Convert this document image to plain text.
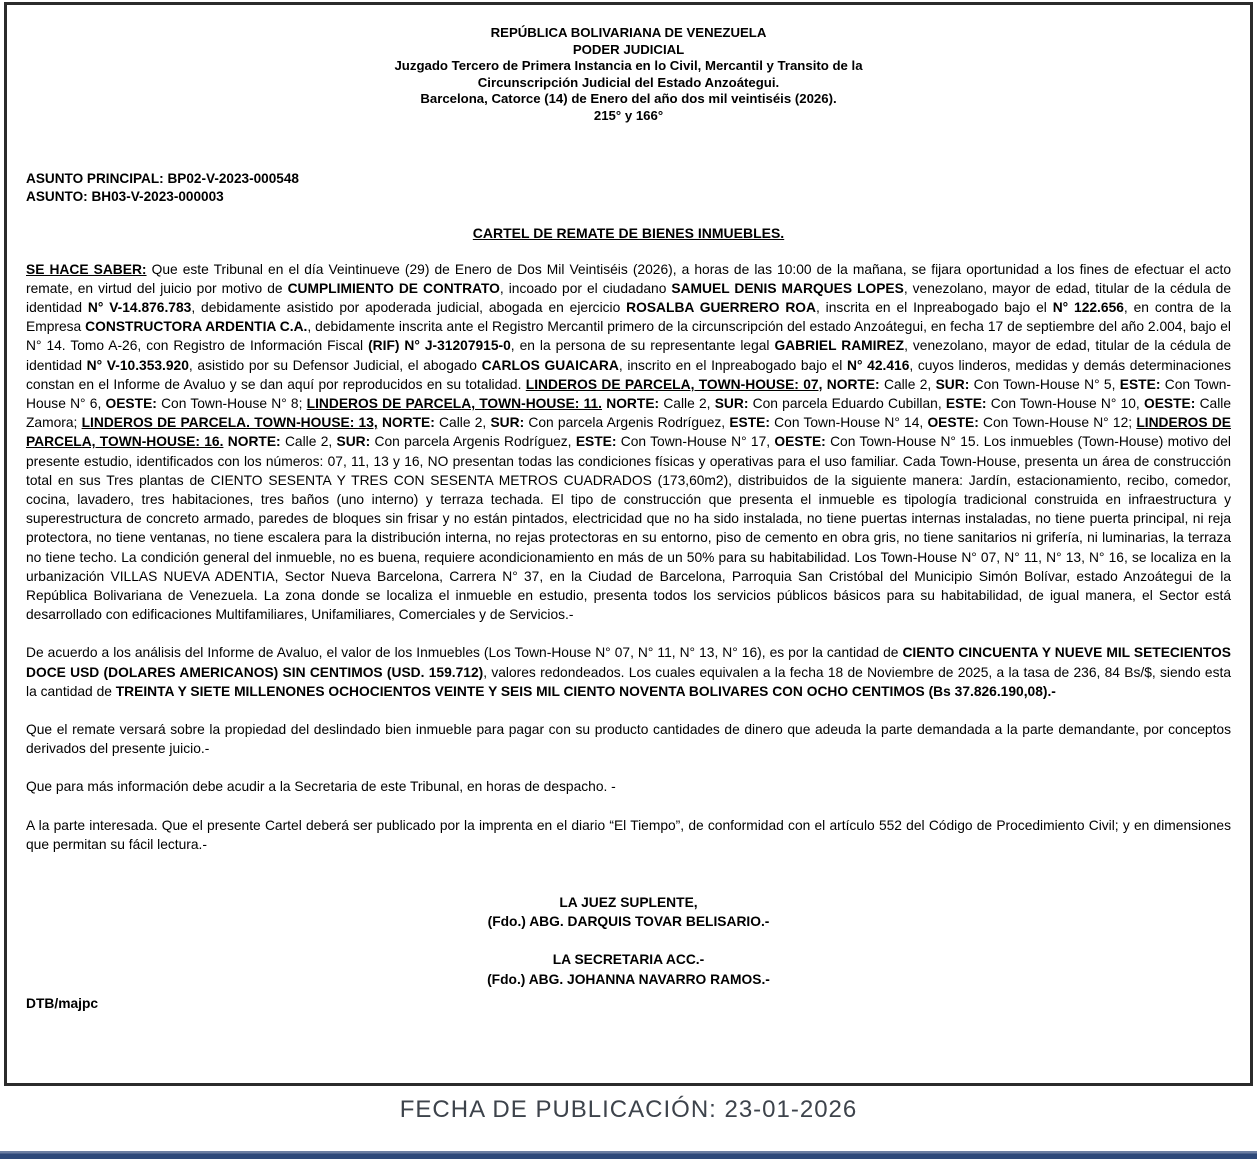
REPÚBLICA BOLIVARIANA DE VENEZUELA
PODER JUDICIAL
Juzgado Tercero de Primera Instancia en lo Civil, Mercantil y Transito de la
Circunscripción Judicial del Estado Anzoátegui.
Barcelona, Catorce (14) de Enero del año dos mil veintiséis (2026).
215° y 166°
ASUNTO PRINCIPAL: BP02-V-2023-000548
ASUNTO: BH03-V-2023-000003
CARTEL DE REMATE DE BIENES INMUEBLES.

SE HACE SABER: Que este Tribunal en el día Veintinueve (29) de Enero de Dos Mil Veintiséis (2026), a horas de las 10:00 de la mañana, se fijara oportunidad a los fines de efectuar el acto remate, en virtud del juicio por motivo de CUMPLIMIENTO DE CONTRATO, incoado por el ciudadano SAMUEL DENIS MARQUES LOPES, venezolano, mayor de edad, titular de la cédula de identidad N° V-14.876.783, debidamente asistido por apoderada judicial, abogada en ejercicio ROSALBA GUERRERO ROA, inscrita en el Inpreabogado bajo el N° 122.656, en contra de la Empresa CONSTRUCTORA ARDENTIA C.A., debidamente inscrita ante el Registro Mercantil primero de la circunscripción del estado Anzoátegui, en fecha 17 de septiembre del año 2.004, bajo el N° 14. Tomo A-26, con Registro de Información Fiscal (RIF) N° J-31207915-0, en la persona de su representante legal GABRIEL RAMIREZ, venezolano, mayor de edad, titular de la cédula de identidad N° V-10.353.920, asistido por su Defensor Judicial, el abogado CARLOS GUAICARA, inscrito en el Inpreabogado bajo el N° 42.416, cuyos linderos, medidas y demás determinaciones constan en el Informe de Avaluo y se dan aquí por reproducidos en su totalidad. LINDEROS DE PARCELA, TOWN-HOUSE: 07, NORTE: Calle 2, SUR: Con Town-House N° 5, ESTE: Con Town-House N° 6, OESTE: Con Town-House N° 8; LINDEROS DE PARCELA, TOWN-HOUSE: 11. NORTE: Calle 2, SUR: Con parcela Eduardo Cubillan, ESTE: Con Town-House N° 10, OESTE: Calle Zamora; LINDEROS DE PARCELA. TOWN-HOUSE: 13, NORTE: Calle 2, SUR: Con parcela Argenis Rodríguez, ESTE: Con Town-House N° 14, OESTE: Con Town-House N° 12; LINDEROS DE PARCELA, TOWN-HOUSE: 16. NORTE: Calle 2, SUR: Con parcela Argenis Rodríguez, ESTE: Con Town-House N° 17, OESTE: Con Town-House N° 15. Los inmuebles (Town-House) motivo del presente estudio, identificados con los números: 07, 11, 13 y 16, NO presentan todas las condiciones físicas y operativas para el uso familiar. Cada Town-House, presenta un área de construcción total en sus Tres plantas de CIENTO SESENTA Y TRES CON SESENTA METROS CUADRADOS (173,60m2), distribuidos de la siguiente manera: Jardín, estacionamiento, recibo, comedor, cocina, lavadero, tres habitaciones, tres baños (uno interno) y terraza techada. El tipo de construcción que presenta el inmueble es tipología tradicional construida en infraestructura y superestructura de concreto armado, paredes de bloques sin frisar y no están pintados, electricidad que no ha sido instalada, no tiene puertas internas instaladas, no tiene puerta principal, ni reja protectora, no tiene ventanas, no tiene escalera para la distribución interna, no rejas protectoras en su entorno, piso de cemento en obra gris, no tiene sanitarios ni grifería, ni luminarias, la terraza no tiene techo. La condición general del inmueble, no es buena, requiere acondicionamiento en más de un 50% para su habitabilidad. Los Town-House N° 07, N° 11, N° 13, N° 16, se localiza en la urbanización VILLAS NUEVA ADENTIA, Sector Nueva Barcelona, Carrera N° 37, en la Ciudad de Barcelona, Parroquia San Cristóbal del Municipio Simón Bolívar, estado Anzoátegui de la República Bolivariana de Venezuela. La zona donde se localiza el inmueble en estudio, presenta todos los servicios públicos básicos para su habitabilidad, de igual manera, el Sector está desarrollado con edificaciones Multifamiliares, Unifamiliares, Comerciales y de Servicios.-

De acuerdo a los análisis del Informe de Avaluo, el valor de los Inmuebles (Los Town-House N° 07, N° 11, N° 13, N° 16), es por la cantidad de CIENTO CINCUENTA Y NUEVE MIL SETECIENTOS DOCE USD (DOLARES AMERICANOS) SIN CENTIMOS (USD. 159.712), valores redondeados. Los cuales equivalen a la fecha 18 de Noviembre de 2025, a la tasa de 236, 84 Bs/$, siendo esta la cantidad de TREINTA Y SIETE MILLENONES OCHOCIENTOS VEINTE Y SEIS MIL CIENTO NOVENTA BOLIVARES CON OCHO CENTIMOS (Bs 37.826.190,08).-

Que el remate versará sobre la propiedad del deslindado bien inmueble para pagar con su producto cantidades de dinero que adeuda la parte demandada a la parte demandante, por conceptos derivados del presente juicio.-

Que para más información debe acudir a la Secretaria de este Tribunal, en horas de despacho. -

A la parte interesada. Que el presente Cartel deberá ser publicado por la imprenta en el diario “El Tiempo”, de conformidad con el artículo 552 del Código de Procedimiento Civil; y en dimensiones que permitan su fácil lectura.-

LA JUEZ SUPLENTE,
(Fdo.) ABG. DARQUIS TOVAR BELISARIO.-
LA SECRETARIA ACC.-
(Fdo.) ABG. JOHANNA NAVARRO RAMOS.-
DTB/majpc
FECHA DE PUBLICACIÓN: 23-01-2026
